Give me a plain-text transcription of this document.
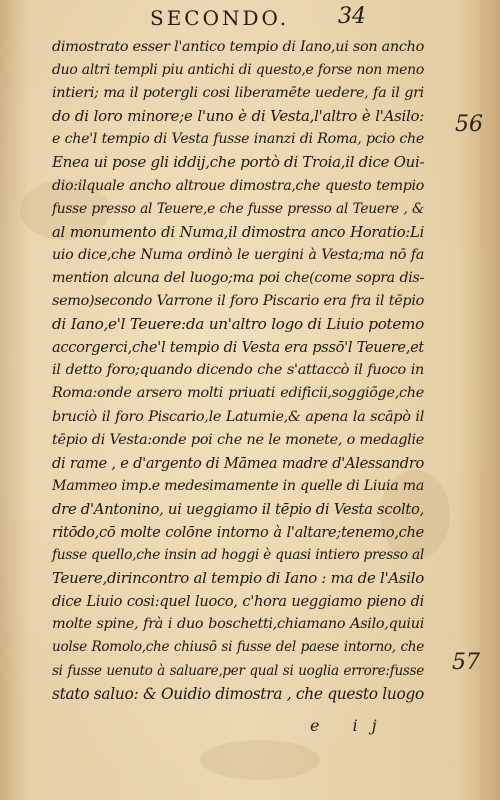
SECONDO. 34
dimostrato esser l'antico tempio di Iano,ui son ancho
duo altri templi piu antichi di questo,e forse non meno
intieri; ma il potergli cosi liberamēte uedere, fa il gri
do di loro minore;e l'uno è di Vesta,l'altro è l'Asilo:
e che'l tempio di Vesta fusse inanzi di Roma, pcio che
Enea ui pose gli iddij,che portò di Troia,il dice Oui-
dio:ilquale ancho altroue dimostra,che questo tempio
fusse presso al Teuere,e che fusse presso al Teuere , &
al monumento di Numa,il dimostra anco Horatio:Li
uio dice,che Numa ordinò le uergini à Vesta;ma nō fa
mention alcuna del luogo;ma poi che(come sopra dis-
semo)secondo Varrone il foro Piscario era fra il tēpio
di Iano,e'l Teuere:da un'altro logo di Liuio potemo
accorgerci,che'l tempio di Vesta era pssō'l Teuere,et
il detto foro;quando dicendo che s'attaccò il fuoco in
Roma:onde arsero molti priuati edificii,soggiōge,che
bruciò il foro Piscario,le Latumie,& apena la scāpò il
tēpio di Vesta:onde poi che ne le monete, o medaglie
di rame , e d'argento di Māmea madre d'Alessandro
Mammeo imp.e medesimamente in quelle di Liuia ma
dre d'Antonino, ui ueggiamo il tēpio di Vesta scolto,
ritōdo,cō molte colōne intorno à l'altare;tenemo,che
fusse quello,che insin ad hoggi è quasi intiero presso al
Teuere,dirincontro al tempio di Iano : ma de l'Asilo
dice Liuio cosi:quel luoco, c'hora ueggiamo pieno di
molte spine, frà i duo boschetti,chiamano Asilo,quiui
uolse Romolo,che chiusō si fusse del paese intorno, che
si fusse uenuto à saluare,per qual si uoglia errore:fusse
stato saluo: & Ouidio dimostra , che questo luogo
56
57
e ij
